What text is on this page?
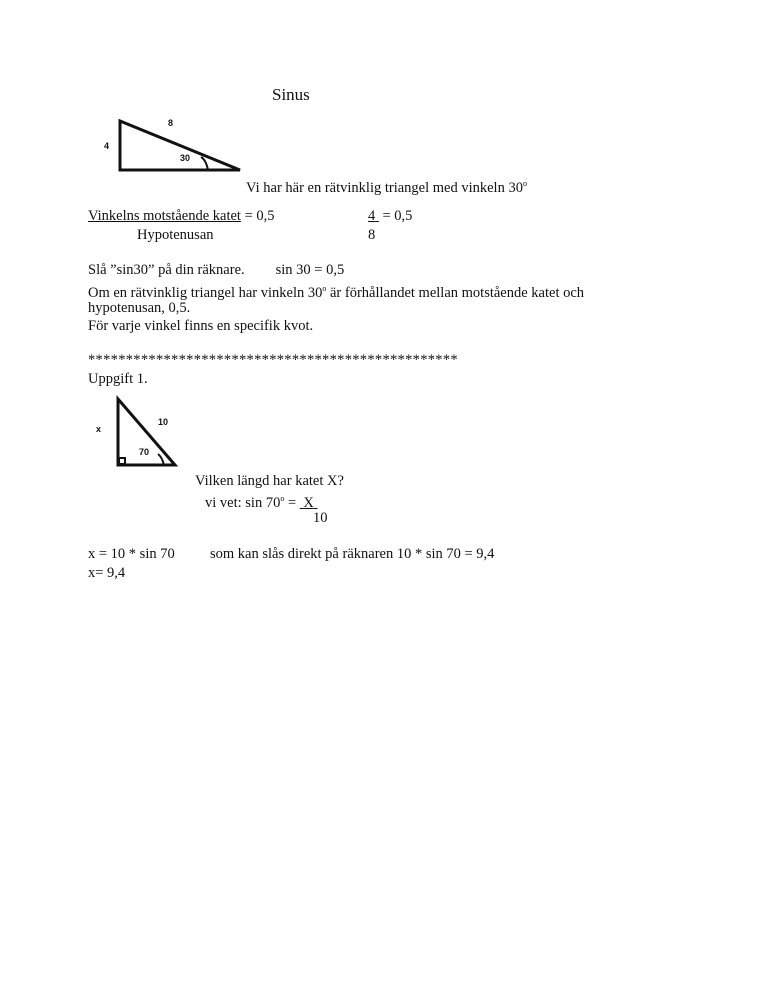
Sinus
8
4
30
Vi har här en rätvinklig triangel med vinkeln 30$^o$
Vinkelns motstående katet = 0,5
Hypotenusan
4  = 0,5
8
Slå ”sin30” på din räknare. sin 30 = 0,5
Om en rätvinklig triangel har vinkeln 30$^o$ är förhållandet mellan motstående katet och
hypotenusan, 0,5.
För varje vinkel finns en specifik kvot.
*************************************************
Uppgift 1.
10
x
70
Vilken längd har katet X?
vi vet: $\sin 70^o = X$
10
x = 10 * sin 70 som kan slås direkt på räknaren 10 * sin 70 = 9,4
x= 9,4
